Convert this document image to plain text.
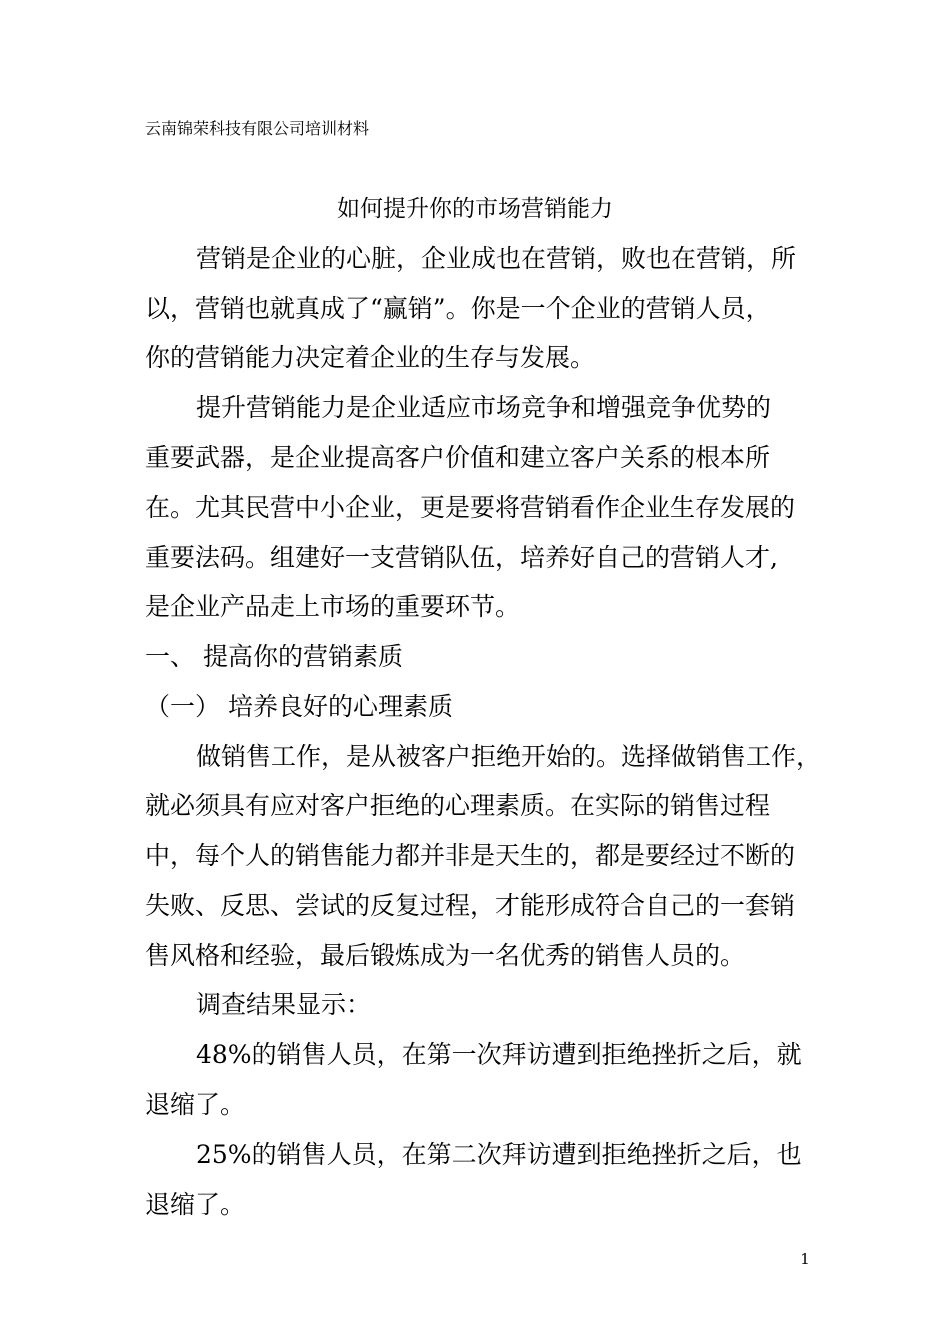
云南锦荣科技有限公司培训材料
如何提升你的市场营销能力
营销是企业的心脏，企业成也在营销，败也在营销，所
以，营销也就真成了“赢销”。你是一个企业的营销人员，
你的营销能力决定着企业的生存与发展。
提升营销能力是企业适应市场竞争和增强竞争优势的
重要武器，是企业提高客户价值和建立客户关系的根本所
在。尤其民营中小企业，更是要将营销看作企业生存发展的
重要法码。组建好一支营销队伍，培养好自己的营销人才,
是企业产品走上市场的重要环节。
一、 提高你的营销素质
（一） 培养良好的心理素质
做销售工作，是从被客户拒绝开始的。选择做销售工作，
就必须具有应对客户拒绝的心理素质。在实际的销售过程
中，每个人的销售能力都并非是天生的，都是要经过不断的
失败、反思、尝试的反复过程，才能形成符合自己的一套销
售风格和经验，最后锻炼成为一名优秀的销售人员的。
调查结果显示：
48%的销售人员，在第一次拜访遭到拒绝挫折之后，就
退缩了。
25%的销售人员，在第二次拜访遭到拒绝挫折之后，也
退缩了。
1
